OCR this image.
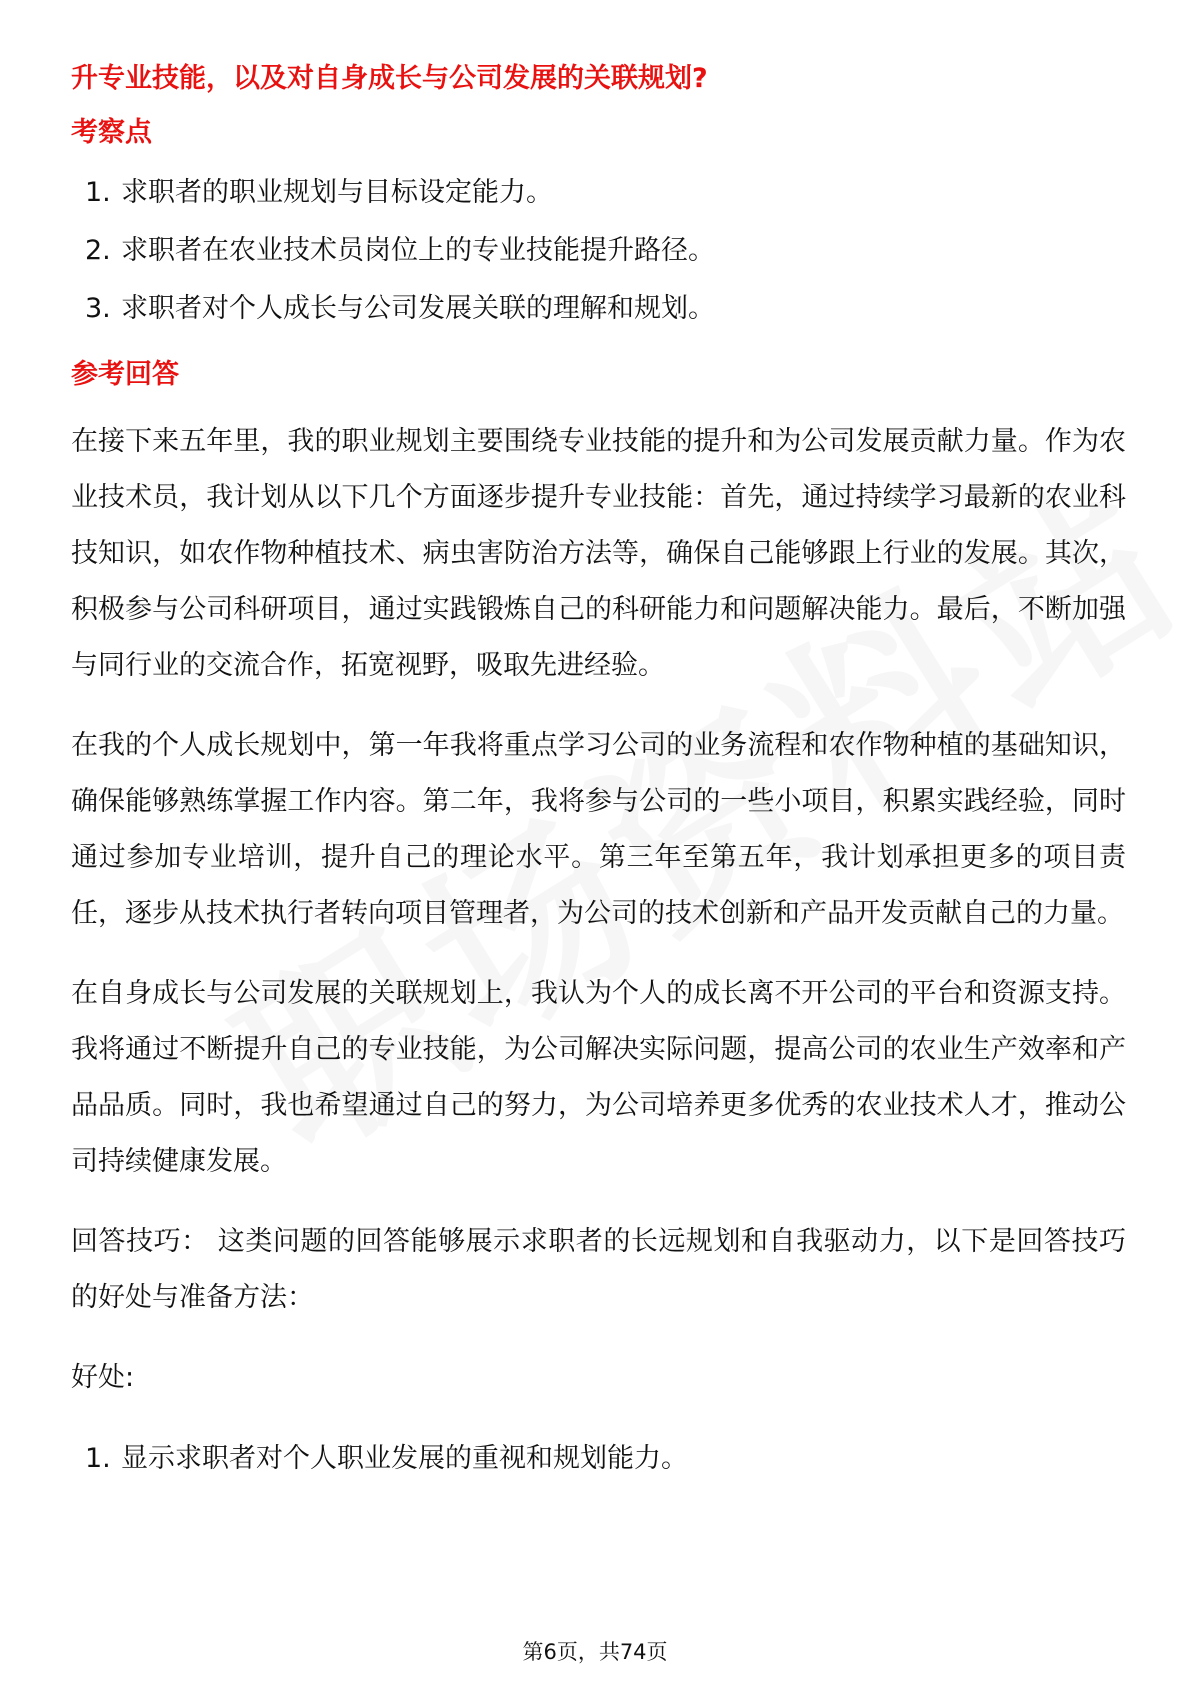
升专业技能，以及对自身成长与公司发展的关联规划?

考察点

1. 求职者的职业规划与目标设定能力。
2. 求职者在农业技术员岗位上的专业技能提升路径。
3. 求职者对个人成长与公司发展关联的理解和规划。

参考回答

在接下来五年里，我的职业规划主要围绕专业技能的提升和为公司发展贡献力量。作为农业技术员，我计划从以下几个方面逐步提升专业技能：首先，通过持续学习最新的农业科技知识，如农作物种植技术、病虫害防治方法等，确保自己能够跟上行业的发展。其次，积极参与公司科研项目，通过实践锻炼自己的科研能力和问题解决能力。最后，不断加强与同行业的交流合作，拓宽视野，吸取先进经验。

在我的个人成长规划中，第一年我将重点学习公司的业务流程和农作物种植的基础知识，确保能够熟练掌握工作内容。第二年，我将参与公司的一些小项目，积累实践经验，同时通过参加专业培训，提升自己的理论水平。第三年至第五年，我计划承担更多的项目责任，逐步从技术执行者转向项目管理者，为公司的技术创新和产品开发贡献自己的力量。

在自身成长与公司发展的关联规划上，我认为个人的成长离不开公司的平台和资源支持。我将通过不断提升自己的专业技能，为公司解决实际问题，提高公司的农业生产效率和产品品质。同时，我也希望通过自己的努力，为公司培养更多优秀的农业技术人才，推动公司持续健康发展。

回答技巧： 这类问题的回答能够展示求职者的长远规划和自我驱动力，以下是回答技巧的好处与准备方法：

好处:

1. 显示求职者对个人职业发展的重视和规划能力。
第6页，共74页
